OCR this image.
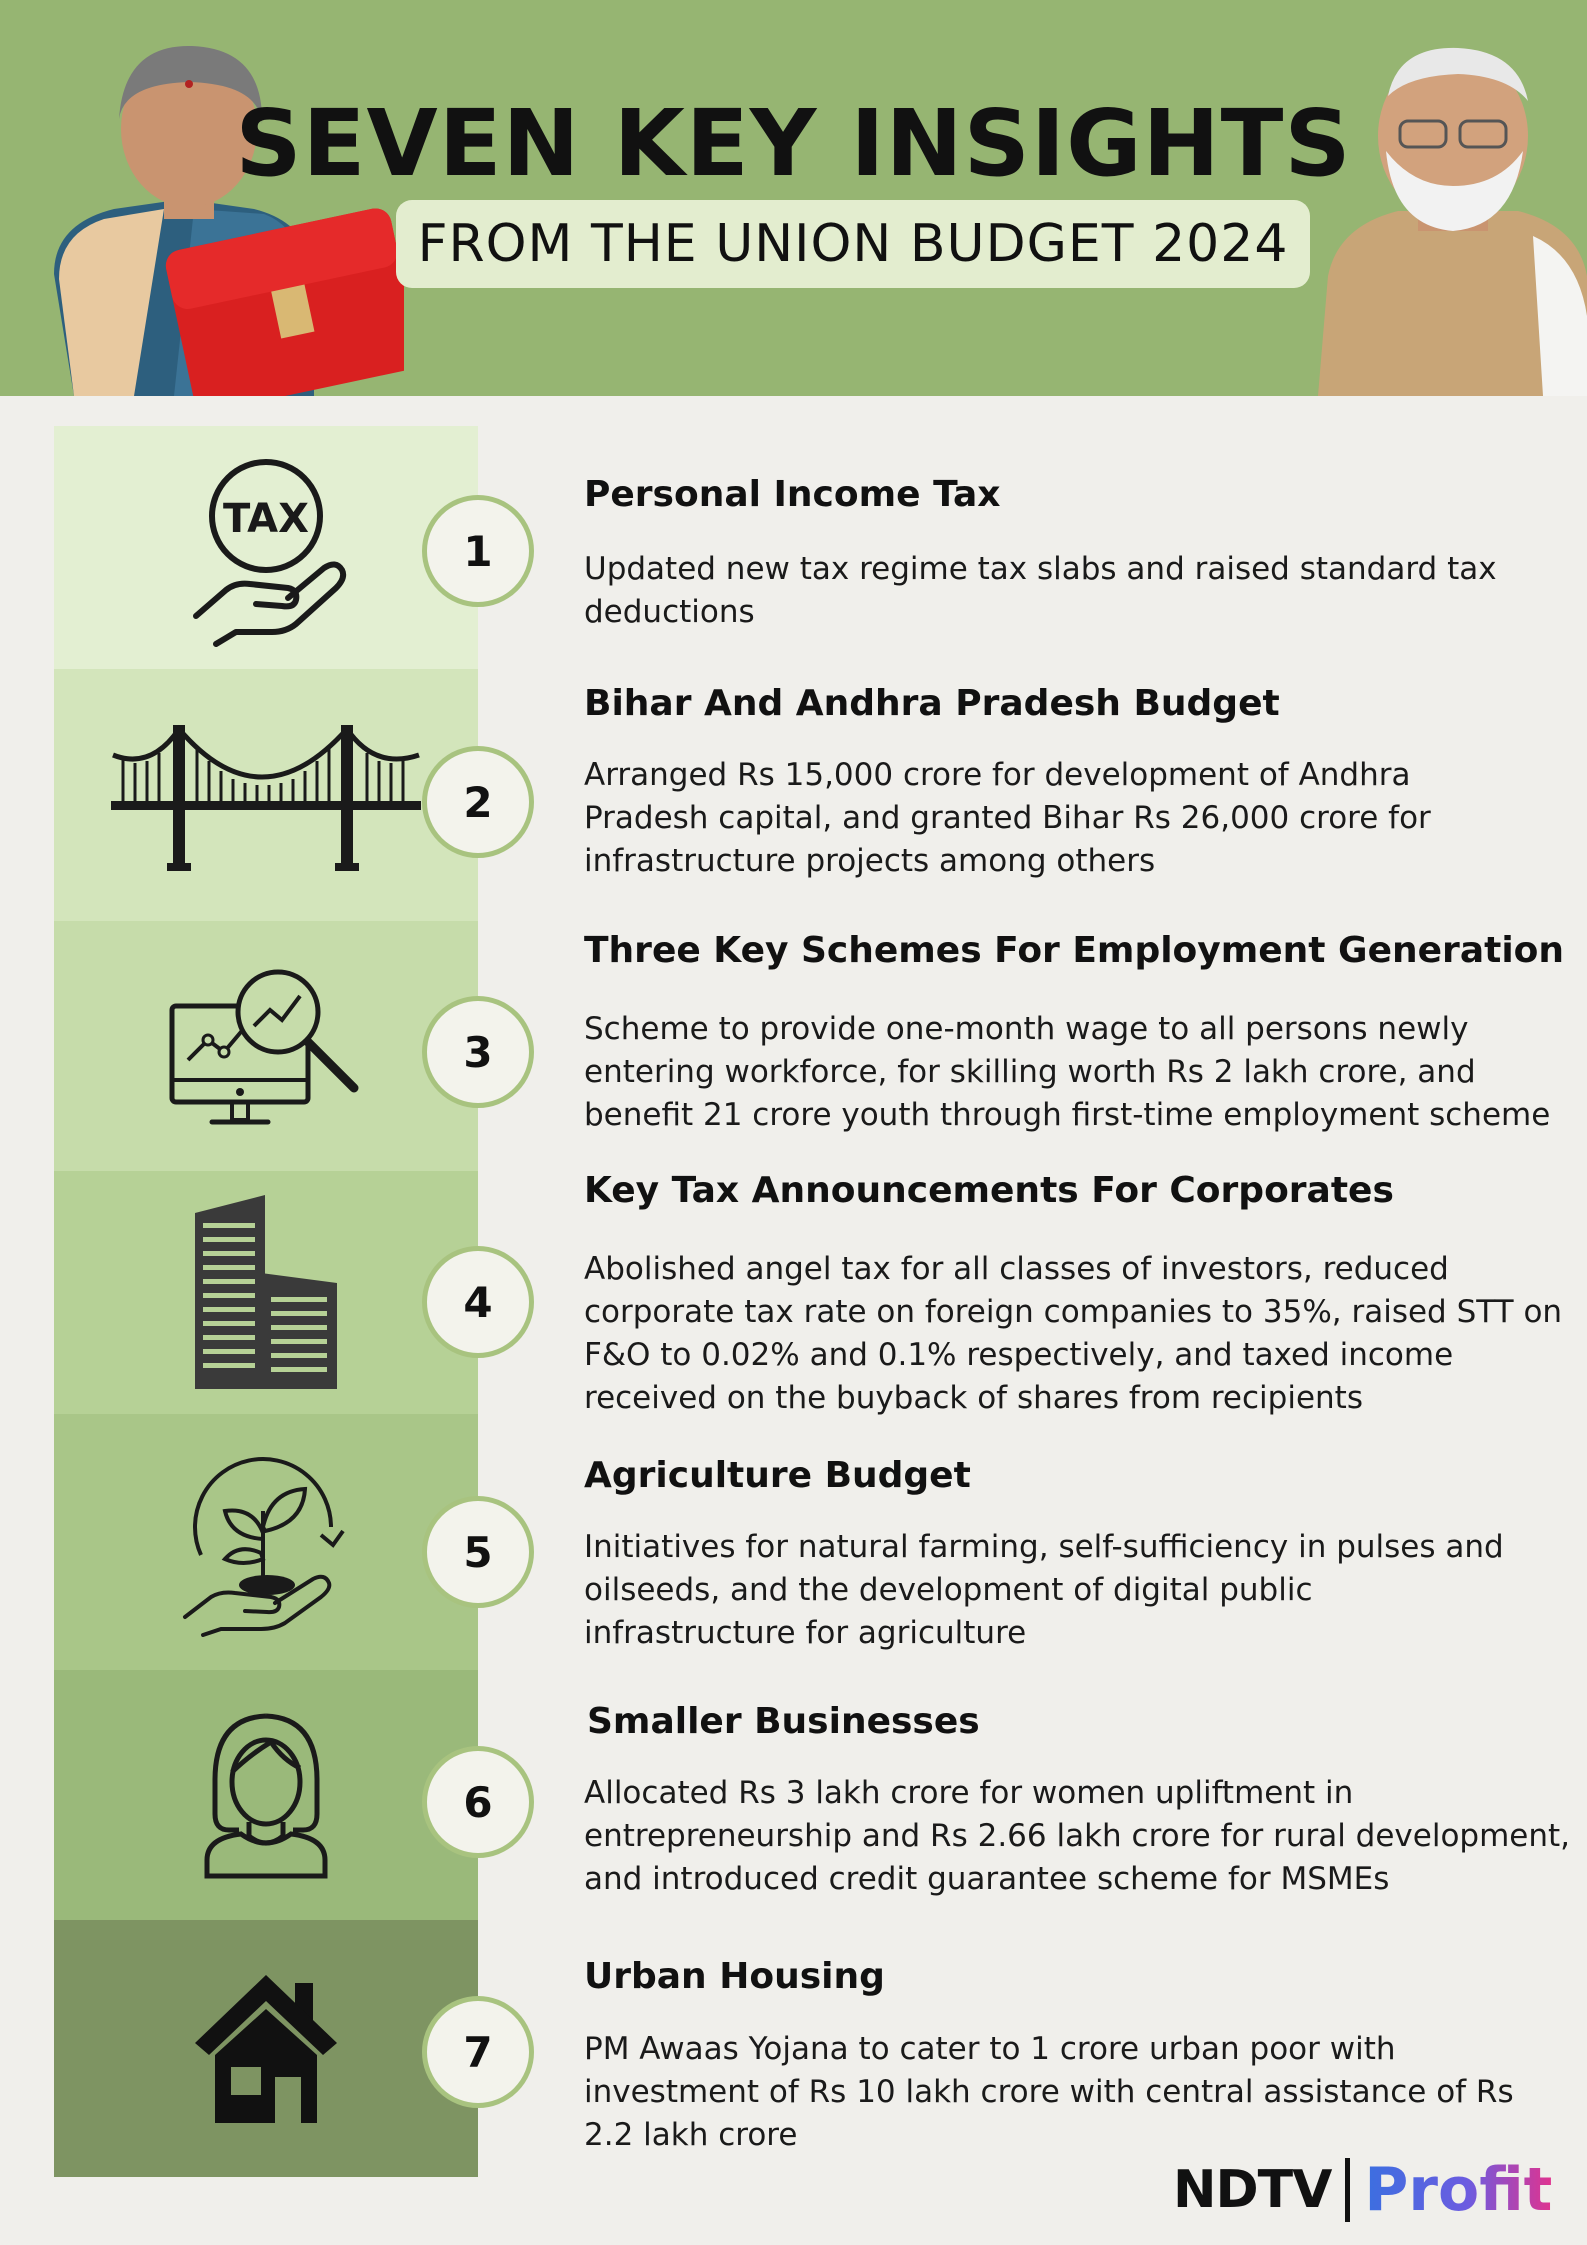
SEVEN KEY INSIGHTS
FROM THE UNION BUDGET 2024
TAX
1
2
3
4
5
6
7
Personal Income Tax
Updated new tax regime tax slabs and raised standard tax deductions
Bihar And Andhra Pradesh Budget
Arranged Rs 15,000 crore for development of Andhra Pradesh capital, and granted Bihar Rs 26,000 crore for infrastructure projects among others
Three Key Schemes For Employment Generation
Scheme to provide one-month wage to all persons newly entering workforce, for skilling worth Rs 2 lakh crore, and benefit 21 crore youth through first-time employment scheme
Key Tax Announcements For Corporates
Abolished angel tax for all classes of investors, reduced corporate tax rate on foreign companies to 35%, raised STT on F&O to 0.02% and 0.1% respectively, and taxed income received on the buyback of shares from recipients
Agriculture Budget
Initiatives for natural farming, self-sufficiency in pulses and oilseeds, and the development of digital public infrastructure for agriculture
Smaller Businesses
Allocated Rs 3 lakh crore for women upliftment in entrepreneurship and Rs 2.66 lakh crore for rural development, and introduced credit guarantee scheme for MSMEs
Urban Housing
PM Awaas Yojana to cater to 1 crore urban poor with investment of Rs 10 lakh crore with central assistance of Rs 2.2 lakh crore
NDTV Profit
